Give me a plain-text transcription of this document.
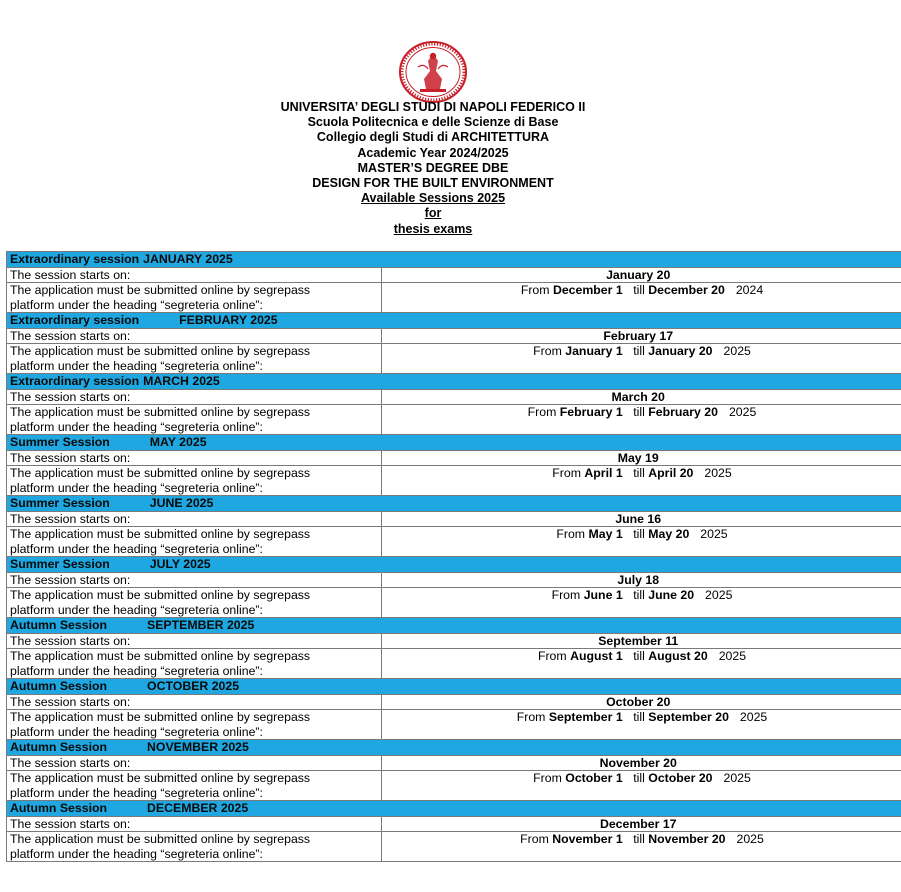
UNIVERSITA’ DEGLI STUDI DI NAPOLI FEDERICO II
Scuola Politecnica e delle Scienze di Base
Collegio degli Studi di ARCHITETTURA
Academic Year 2024/2025
MASTER’S DEGREE DBE
DESIGN FOR THE BUILT ENVIRONMENT
Available Sessions 2025
for
thesis exams
Extraordinary session JANUARY 2025	
The session starts on:	January 20

The application must be submitted online by segrepass
platform under the heading “segreteria online”:	From December 1 till December 20 2024
Extraordinary session FEBRUARY 2025	
The session starts on:	February 17

The application must be submitted online by segrepass
platform under the heading “segreteria online”:	From January 1 till January 20 2025
Extraordinary session MARCH 2025	
The session starts on:	March 20

The application must be submitted online by segrepass
platform under the heading “segreteria online”:	From February 1 till February 20 2025
Summer Session MAY 2025	
The session starts on:	May 19

The application must be submitted online by segrepass
platform under the heading “segreteria online”:	From April 1 till April 20 2025
Summer Session JUNE 2025	
The session starts on:	June 16

The application must be submitted online by segrepass
platform under the heading “segreteria online”:	From May 1 till May 20 2025
Summer Session JULY 2025	
The session starts on:	July 18

The application must be submitted online by segrepass
platform under the heading “segreteria online”:	From June 1 till June 20 2025
Autumn Session SEPTEMBER 2025	
The session starts on:	September 11

The application must be submitted online by segrepass
platform under the heading “segreteria online”:	From August 1 till August 20 2025
Autumn Session OCTOBER 2025	
The session starts on:	October 20

The application must be submitted online by segrepass
platform under the heading “segreteria online”:	From September 1 till September 20 2025
Autumn Session NOVEMBER 2025	
The session starts on:	November 20

The application must be submitted online by segrepass
platform under the heading “segreteria online”:	From October 1 till October 20 2025
Autumn Session DECEMBER 2025	
The session starts on:	December 17

The application must be submitted online by segrepass
platform under the heading “segreteria online”:	From November 1 till November 20 2025
